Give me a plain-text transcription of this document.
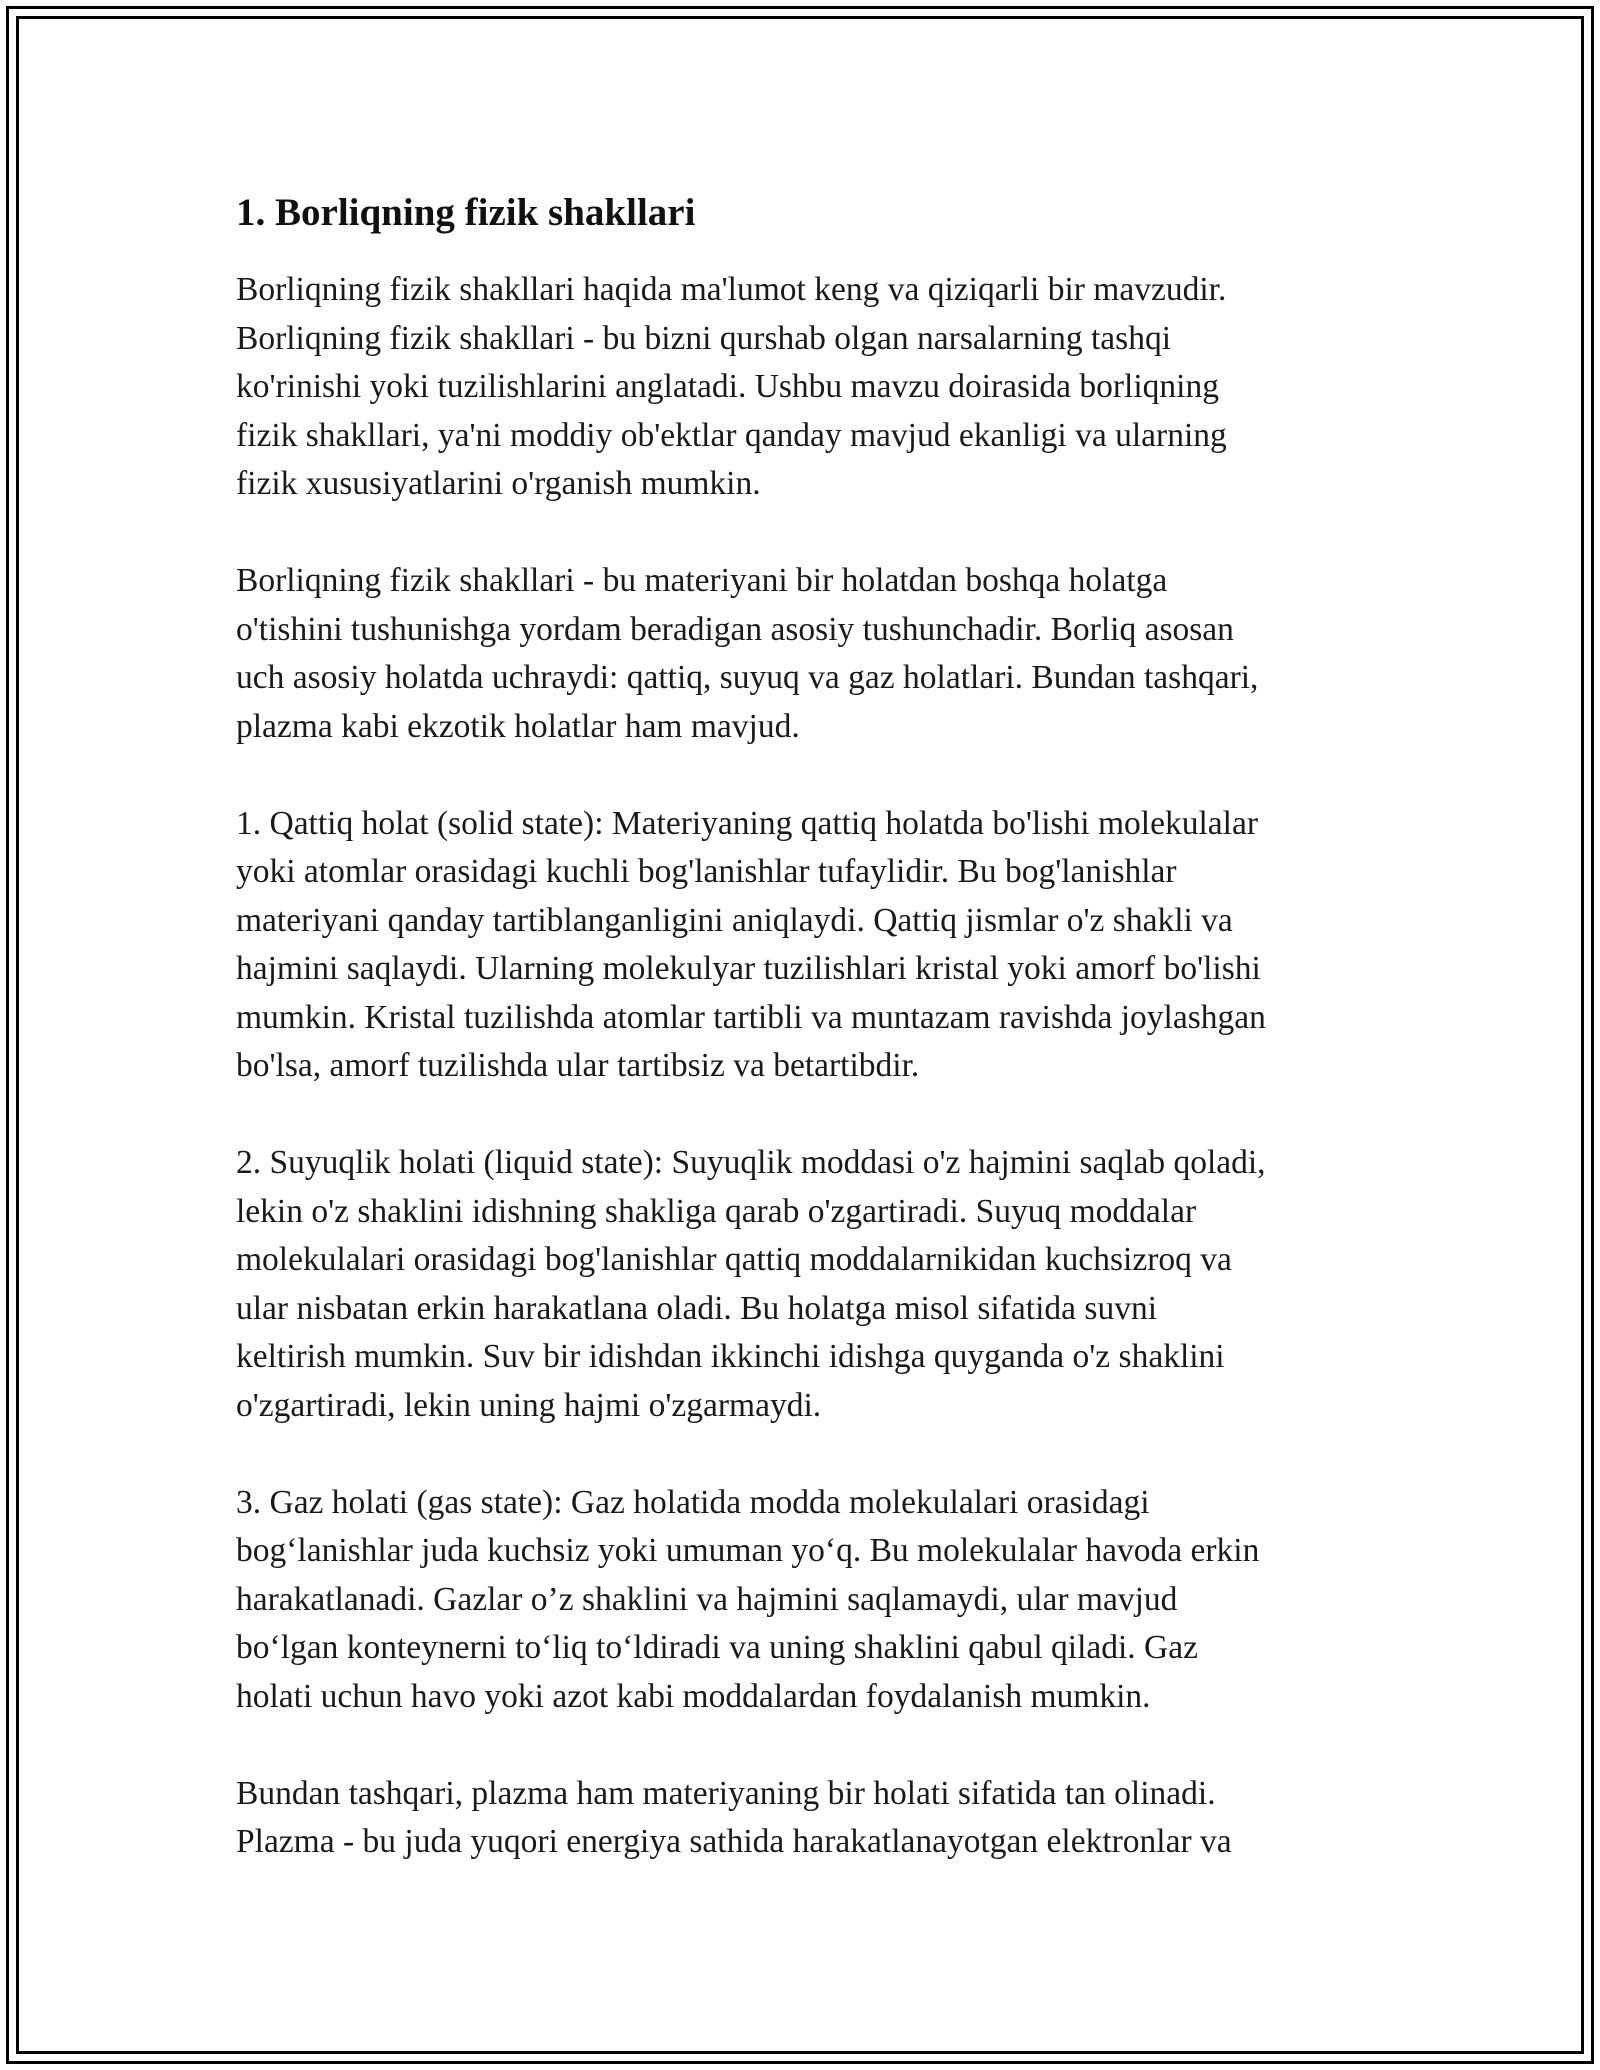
1. Borliqning fizik shakllari

Borliqning fizik shakllari haqida ma'lumot keng va qiziqarli bir mavzudir.
Borliqning fizik shakllari - bu bizni qurshab olgan narsalarning tashqi
ko'rinishi yoki tuzilishlarini anglatadi. Ushbu mavzu doirasida borliqning
fizik shakllari, ya'ni moddiy ob'ektlar qanday mavjud ekanligi va ularning
fizik xususiyatlarini o'rganish mumkin.

Borliqning fizik shakllari - bu materiyani bir holatdan boshqa holatga
o'tishini tushunishga yordam beradigan asosiy tushunchadir. Borliq asosan
uch asosiy holatda uchraydi: qattiq, suyuq va gaz holatlari. Bundan tashqari,
plazma kabi ekzotik holatlar ham mavjud.

1. Qattiq holat (solid state): Materiyaning qattiq holatda bo'lishi molekulalar
yoki atomlar orasidagi kuchli bog'lanishlar tufaylidir. Bu bog'lanishlar
materiyani qanday tartiblanganligini aniqlaydi. Qattiq jismlar o'z shakli va
hajmini saqlaydi. Ularning molekulyar tuzilishlari kristal yoki amorf bo'lishi
mumkin. Kristal tuzilishda atomlar tartibli va muntazam ravishda joylashgan
bo'lsa, amorf tuzilishda ular tartibsiz va betartibdir.

2. Suyuqlik holati (liquid state): Suyuqlik moddasi o'z hajmini saqlab qoladi,
lekin o'z shaklini idishning shakliga qarab o'zgartiradi. Suyuq moddalar
molekulalari orasidagi bog'lanishlar qattiq moddalarnikidan kuchsizroq va
ular nisbatan erkin harakatlana oladi. Bu holatga misol sifatida suvni
keltirish mumkin. Suv bir idishdan ikkinchi idishga quyganda o'z shaklini
o'zgartiradi, lekin uning hajmi o'zgarmaydi.

3. Gaz holati (gas state): Gaz holatida modda molekulalari orasidagi
bog‘lanishlar juda kuchsiz yoki umuman yo‘q. Bu molekulalar havoda erkin
harakatlanadi. Gazlar o’z shaklini va hajmini saqlamaydi, ular mavjud
bo‘lgan konteynerni to‘liq to‘ldiradi va uning shaklini qabul qiladi. Gaz
holati uchun havo yoki azot kabi moddalardan foydalanish mumkin.

Bundan tashqari, plazma ham materiyaning bir holati sifatida tan olinadi.
Plazma - bu juda yuqori energiya sathida harakatlanayotgan elektronlar va
